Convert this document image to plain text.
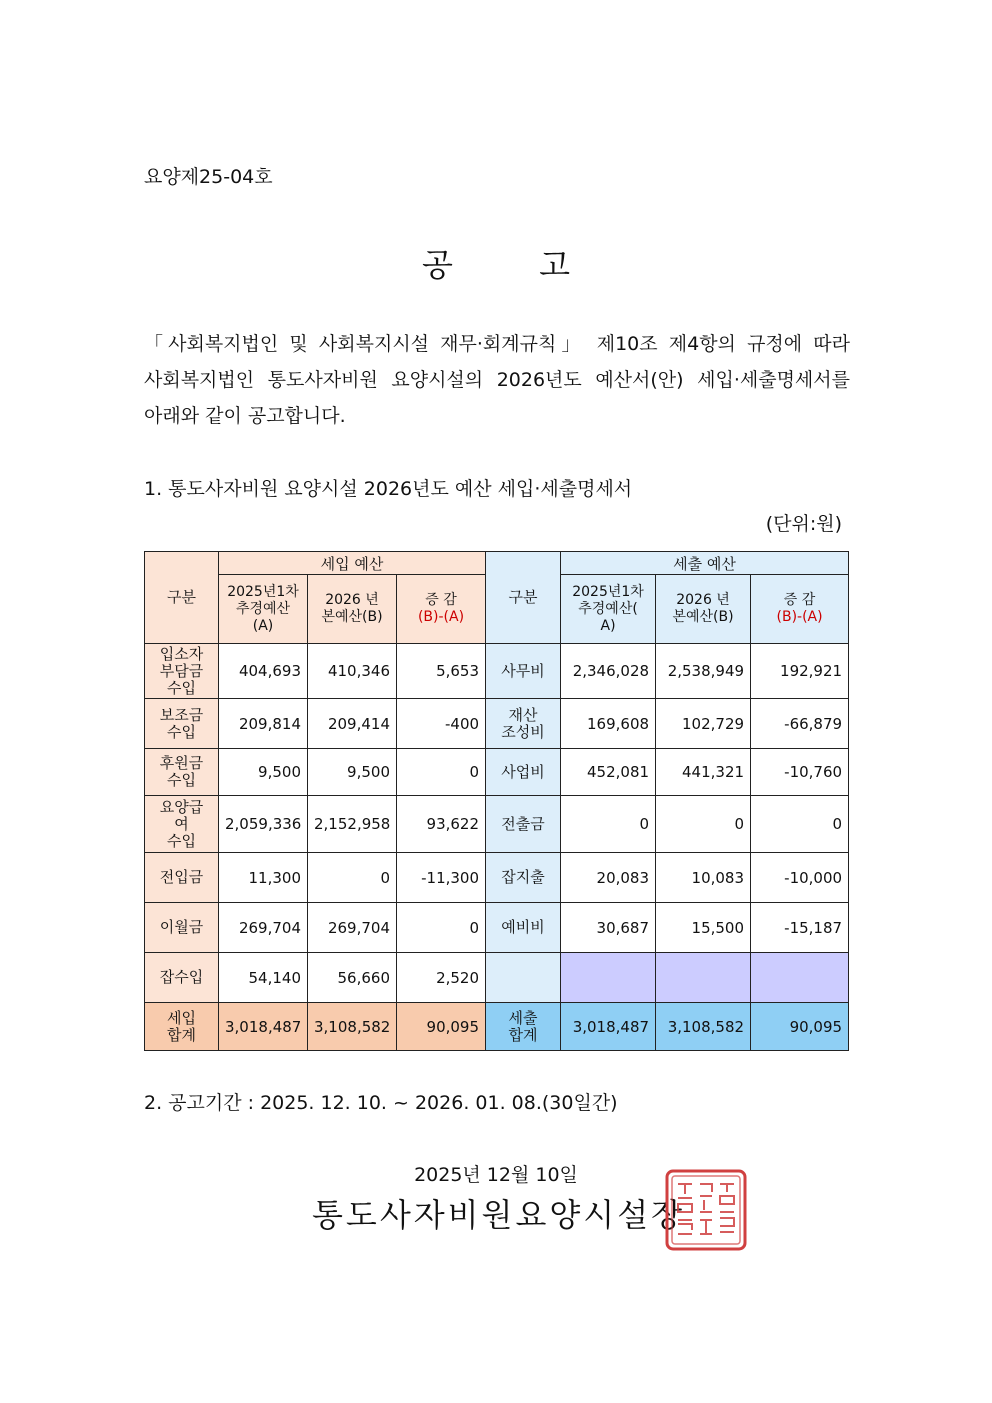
요양제25-04호
공 고

「사회복지법인 및 사회복지시설 재무·회계규칙」 제10조 제4항의 규정에 따라

사회복지법인 통도사자비원 요양시설의 2026년도 예산서(안) 세입·세출명세서를

아래와 같이 공고합니다.

1. 통도사자비원 요양시설 2026년도 예산 세입·세출명세서
(단위:원)
구분	세입 예산			구분	세출 예산		
	2025년1차
추경예산
(A)	2026 년
본예산(B)	증 감
(B)-(A)		2025년1차
추경예산(
A)	2026 년
본예산(B)	증 감
(B)-(A)
입소자
부담금
수입	404,693	410,346	5,653	사무비	2,346,028	2,538,949	192,921
보조금
수입	209,814	209,414	-400	재산
조성비	169,608	102,729	-66,879
후원금
수입	9,500	9,500	0	사업비	452,081	441,321	-10,760
요양급
여
수입	2,059,336	2,152,958	93,622	전출금	0	0	0
전입금	11,300	0	-11,300	잡지출	20,083	10,083	-10,000
이월금	269,704	269,704	0	예비비	30,687	15,500	-15,187
잡수입	54,140	56,660	2,520				
세입
합계	3,018,487	3,108,582	90,095	세출
합계	3,018,487	3,108,582	90,095
2. 공고기간 : 2025. 12. 10. ~ 2026. 01. 08.(30일간)
2025년 12월 10일
통도사자비원요양시설장
